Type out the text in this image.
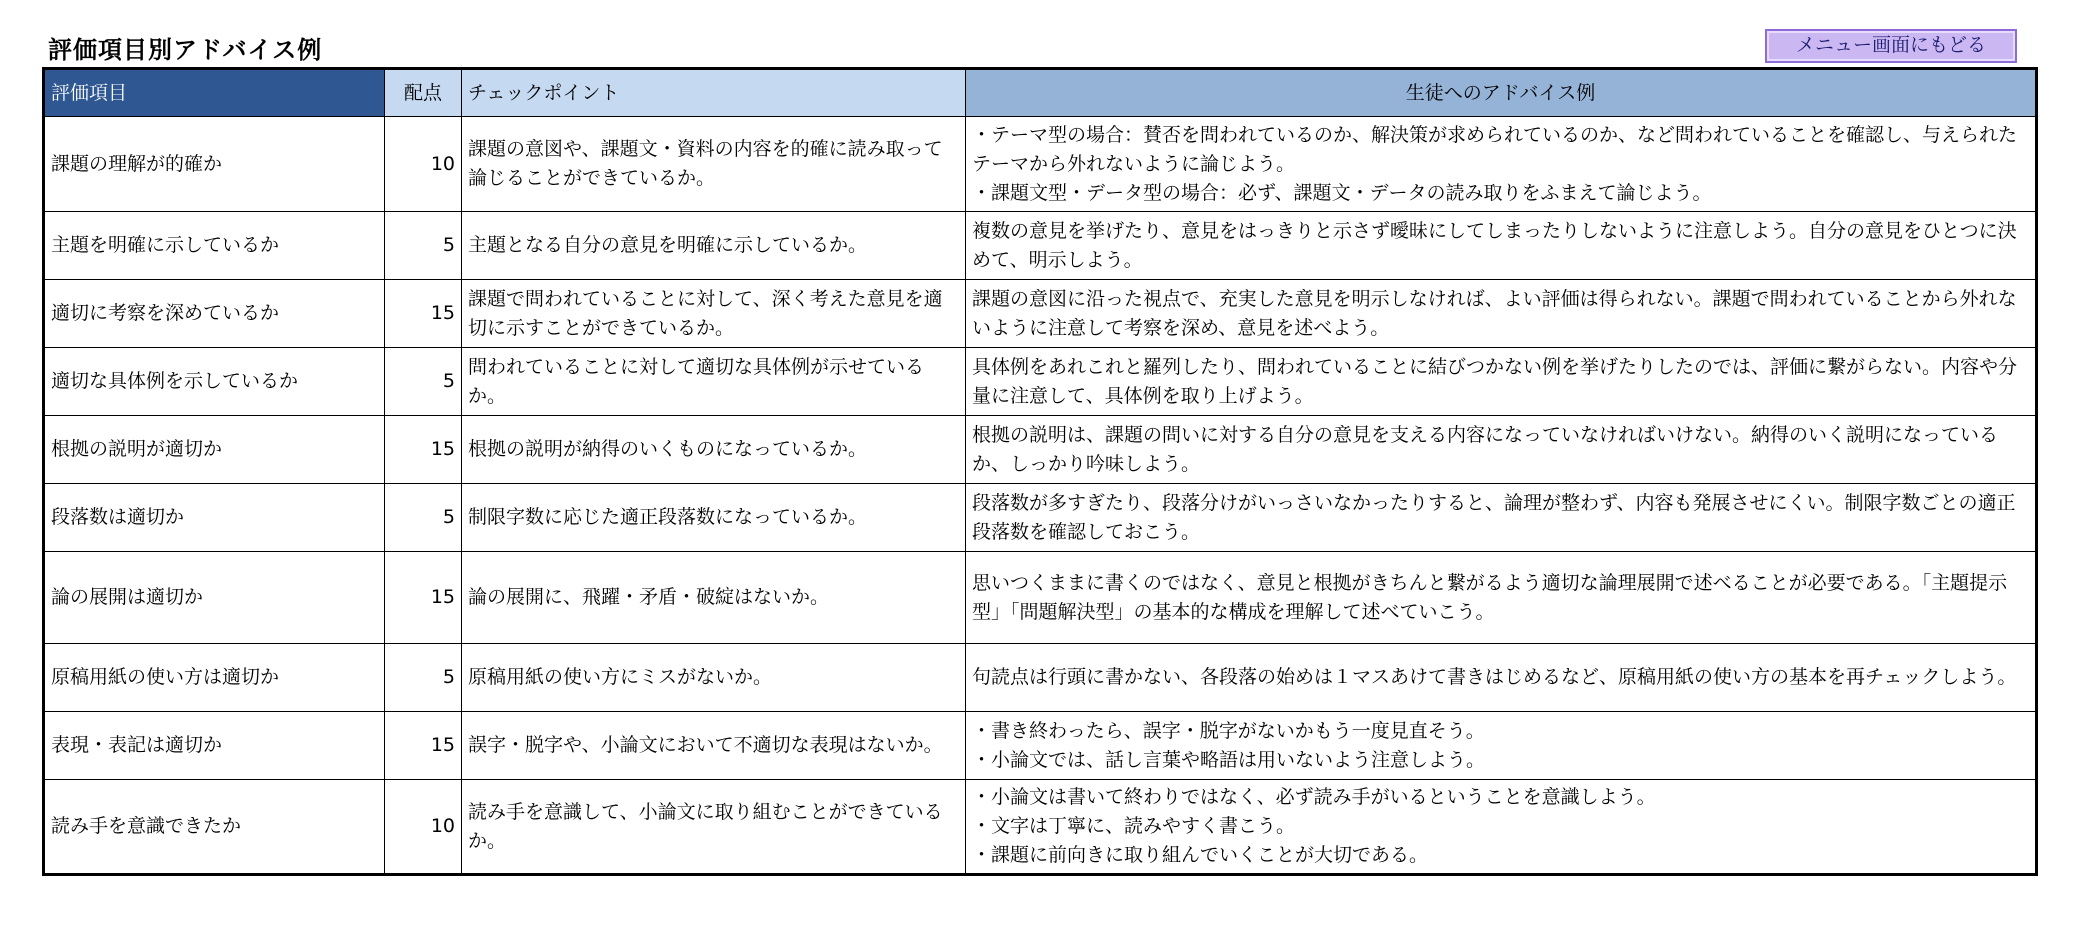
評価項目別アドバイス例	メニュー画面にもどる
評価項目	配点	チェックポイント	生徒へのアドバイス例
課題の理解が的確か	10	課題の意図や、課題文・資料の内容を的確に読み取って論じることができているか。	・テーマ型の場合：賛否を問われているのか、解決策が求められているのか、など問われていることを確認し、与えられたテーマから外れないように論じよう。
・課題文型・データ型の場合：必ず、課題文・データの読み取りをふまえて論じよう。

主題を明確に示しているか	5	主題となる自分の意見を明確に示しているか。	複数の意見を挙げたり、意見をはっきりと示さず曖昧にしてしまったりしないように注意しよう。自分の意見をひとつに決めて、明示しよう。

適切に考察を深めているか	15	課題で問われていることに対して、深く考えた意見を適切に示すことができているか。	課題の意図に沿った視点で、充実した意見を明示しなければ、よい評価は得られない。課題で問われていることから外れないように注意して考察を深め、意見を述べよう。

適切な具体例を示しているか	5	問われていることに対して適切な具体例が示せているか。	具体例をあれこれと羅列したり、問われていることに結びつかない例を挙げたりしたのでは、評価に繋がらない。内容や分量に注意して、具体例を取り上げよう。

根拠の説明が適切か	15	根拠の説明が納得のいくものになっているか。	根拠の説明は、課題の問いに対する自分の意見を支える内容になっていなければいけない。納得のいく説明になっているか、しっかり吟味しよう。

段落数は適切か	5	制限字数に応じた適正段落数になっているか。	段落数が多すぎたり、段落分けがいっさいなかったりすると、論理が整わず、内容も発展させにくい。制限字数ごとの適正段落数を確認しておこう。

論の展開は適切か	15	論の展開に、飛躍・矛盾・破綻はないか。	思いつくままに書くのではなく、意見と根拠がきちんと繋がるよう適切な論理展開で述べることが必要である。「主題提示型」「問題解決型」の基本的な構成を理解して述べていこう。

原稿用紙の使い方は適切か	5	原稿用紙の使い方にミスがないか。	句読点は行頭に書かない、各段落の始めは１マスあけて書きはじめるなど、原稿用紙の使い方の基本を再チェックしよう。

表現・表記は適切か	15	誤字・脱字や、小論文において不適切な表現はないか。	・書き終わったら、誤字・脱字がないかもう一度見直そう。
・小論文では、話し言葉や略語は用いないよう注意しよう。

読み手を意識できたか	10	読み手を意識して、小論文に取り組むことができているか。	・小論文は書いて終わりではなく、必ず読み手がいるということを意識しよう。
・文字は丁寧に、読みやすく書こう。
・課題に前向きに取り組んでいくことが大切である。
